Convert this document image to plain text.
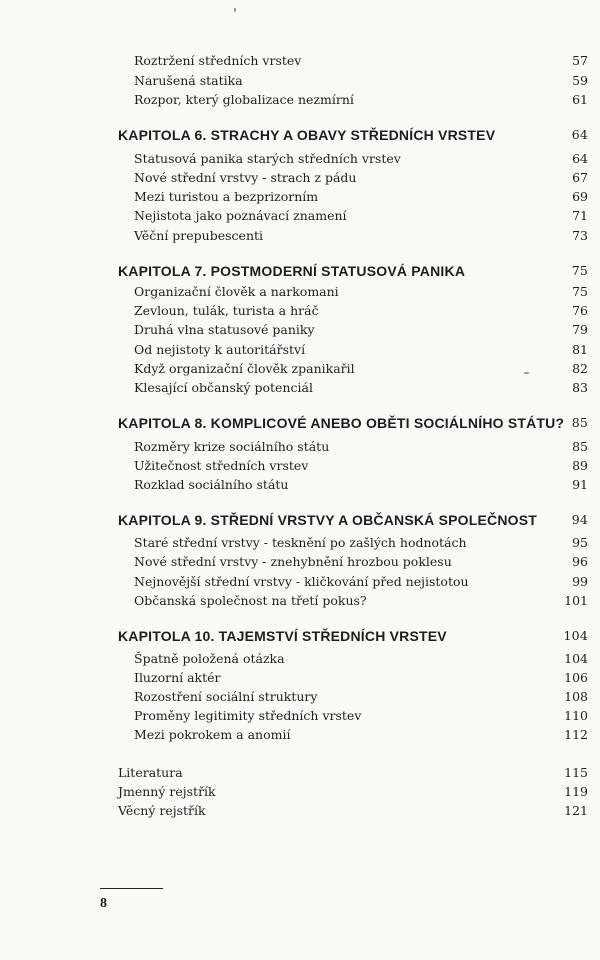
Roztržení středních vrstev	57
Narušená statika	59
Rozpor, který globalizace nezmírní	61
KAPITOLA 6. STRACHY A OBAVY STŘEDNÍCH VRSTEV	64
Statusová panika starých středních vrstev	64
Nové střední vrstvy - strach z pádu	67
Mezi turistou a bezprizorním	69
Nejistota jako poznávací znamení	71
Věční prepubescenti	73
KAPITOLA 7. POSTMODERNÍ STATUSOVÁ PANIKA	75
Organizační člověk a narkomani	75
Zevloun, tulák, turista a hráč	76
Druhá vlna statusové paniky	79
Od nejistoty k autoritářství	81
Když organizační člověk zpanikařil	82
Klesající občanský potenciál	83
KAPITOLA 8. KOMPLICOVÉ ANEBO OBĚTI SOCIÁLNÍHO STÁTU? 85
Rozměry krize sociálního státu	85
Užitečnost středních vrstev	89
Rozklad sociálního státu	91
KAPITOLA 9. STŘEDNÍ VRSTVY A OBČANSKÁ SPOLEČNOST	94
Staré střední vrstvy - tesknění po zašlých hodnotách	95
Nové střední vrstvy - znehybnění hrozbou poklesu	96
Nejnovější střední vrstvy - kličkování před nejistotou	99
Občanská společnost na třetí pokus?	101
KAPITOLA 10. TAJEMSTVÍ STŘEDNÍCH VRSTEV	104
Špatně položená otázka	104
Iluzorní aktér	106
Rozostření sociální struktury	108
Proměny legitimity středních vrstev	110
Mezi pokrokem a anomií	112
Literatura	115
Jmenný rejstřík	119
Věcný rejstřík	121
8
